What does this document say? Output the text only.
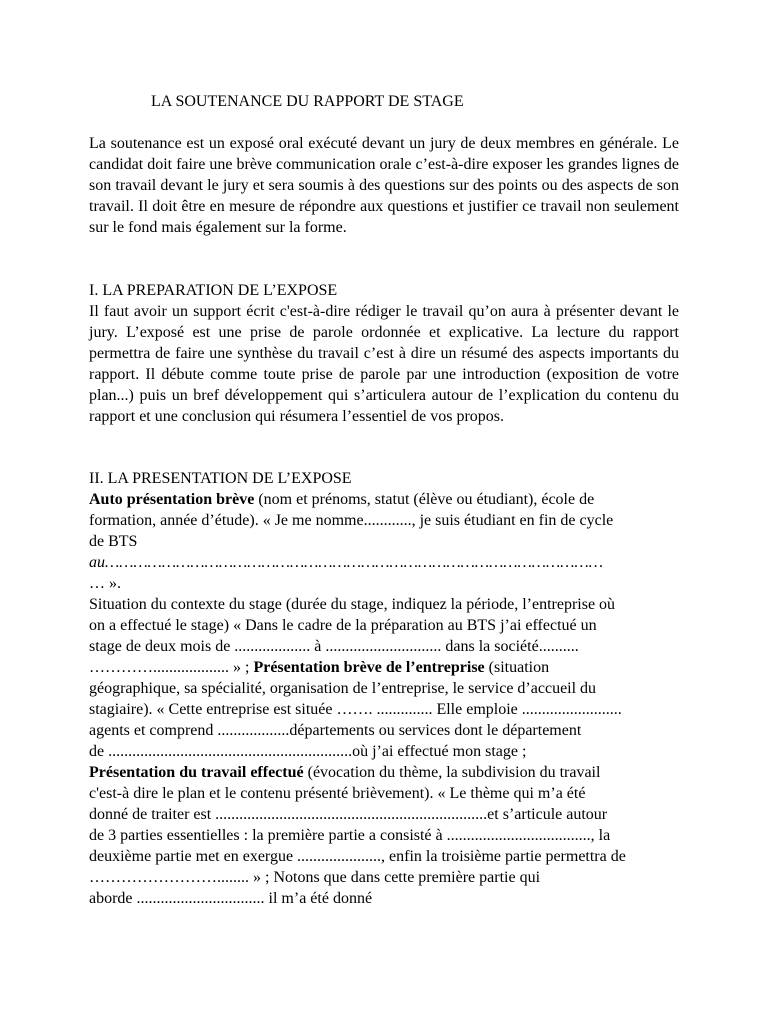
LA SOUTENANCE DU RAPPORT DE STAGE
La soutenance est un exposé oral exécuté devant un jury de deux membres en générale. Le candidat doit faire une brève communication orale c’est-à-dire exposer les grandes lignes de son travail devant le jury et sera soumis à des questions sur des points ou des aspects de son travail. Il doit être en mesure de répondre aux questions et justifier ce travail non seulement sur le fond mais également sur la forme.
I. LA PREPARATION DE L’EXPOSE
Il faut avoir un support écrit c'est-à-dire rédiger le travail qu’on aura à présenter devant le jury. L’exposé est une prise de parole ordonnée et explicative. La lecture du rapport permettra de faire une synthèse du travail c’est à dire un résumé des aspects importants du rapport. Il débute comme toute prise de parole par une introduction (exposition de votre plan...) puis un bref développement qui s’articulera autour de l’explication du contenu du rapport et une conclusion qui résumera l’essentiel de vos propos.
II. LA PRESENTATION DE L’EXPOSE
Auto présentation brève (nom et prénoms, statut (élève ou étudiant), école de
formation, année d’étude). « Je me nomme............, je suis étudiant en fin de cycle
de BTS
au……………………………………………………………………………………………
… ».
Situation du contexte du stage (durée du stage, indiquez la période, l’entreprise où
on a effectué le stage) « Dans le cadre de la préparation au BTS j’ai effectué un
stage de deux mois de ................... à ............................. dans la société..........
…………................... » ; Présentation brève de l’entreprise (situation
géographique, sa spécialité, organisation de l’entreprise, le service d’accueil du
stagiaire). « Cette entreprise est située ……. .............. Elle emploie .........................
agents et comprend ..................départements ou services dont le département
de .............................................................où j’ai effectué mon stage ;
Présentation du travail effectué (évocation du thème, la subdivision du travail
c'est-à dire le plan et le contenu présenté brièvement). « Le thème qui m’a été
donné de traiter est ....................................................................et s’articule autour
de 3 parties essentielles : la première partie a consisté à ...................................., la
deuxième partie met en exergue ....................., enfin la troisième partie permettra de
……………………........ » ; Notons que dans cette première partie qui
aborde ................................ il m’a été donné
